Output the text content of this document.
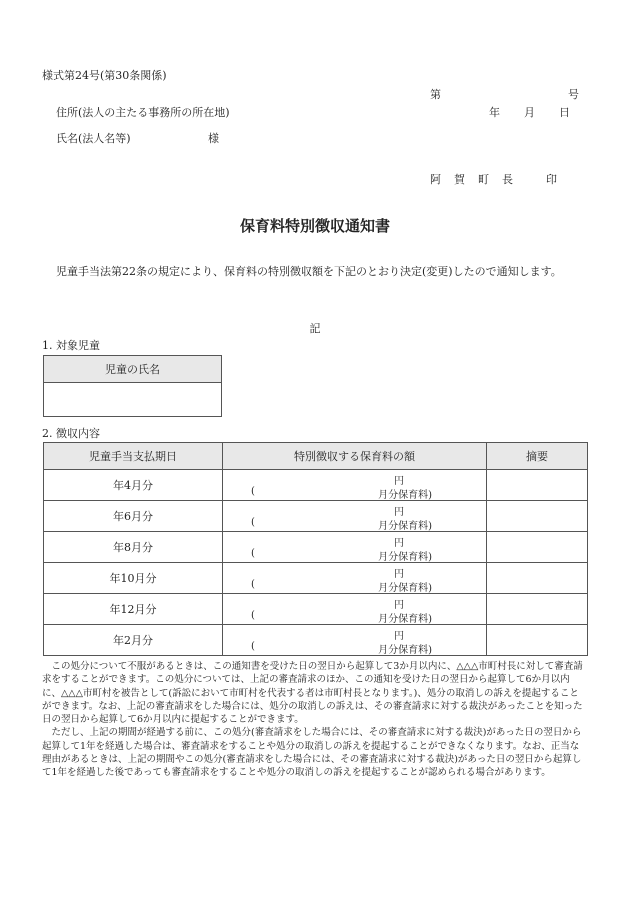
様式第24号(第30条関係)
第	号
住所(法人の主たる事務所の所在地)	年 月 日
氏名(法人名等)	様
阿　賀　町　長	印
保育料特別徴収通知書
児童手当法第22条の規定により、保育料の特別徴収額を下記のとおり決定(変更)したので通知します。
記
1. 対象児童
児童の氏名

2. 徴収内容
児童手当支払期日	特別徴収する保育料の額	摘要
年4月分	円
( 月分保育料)	

年6月分	円
( 月分保育料)	

年8月分	円
( 月分保育料)	

年10月分	円
( 月分保育料)	

年12月分	円
( 月分保育料)	

年2月分	円
( 月分保育料)	

この処分について不服があるときは、この通知書を受けた日の翌日から起算して3か月以内に、△△△市町村長に対して審査請求をすることができます。この処分については、上記の審査請求のほか、この通知を受けた日の翌日から起算して6か月以内に、△△△市町村を被告として(訴訟において市町村を代表する者は市町村長となります。)、処分の取消しの訴えを提起することができます。なお、上記の審査請求をした場合には、処分の取消しの訴えは、その審査請求に対する裁決があったことを知った日の翌日から起算して6か月以内に提起することができます。

ただし、上記の期間が経過する前に、この処分(審査請求をした場合には、その審査請求に対する裁決)があった日の翌日から起算して1年を経過した場合は、審査請求をすることや処分の取消しの訴えを提起することができなくなります。なお、正当な理由があるときは、上記の期間やこの処分(審査請求をした場合には、その審査請求に対する裁決)があった日の翌日から起算して1年を経過した後であっても審査請求をすることや処分の取消しの訴えを提起することが認められる場合があります。
